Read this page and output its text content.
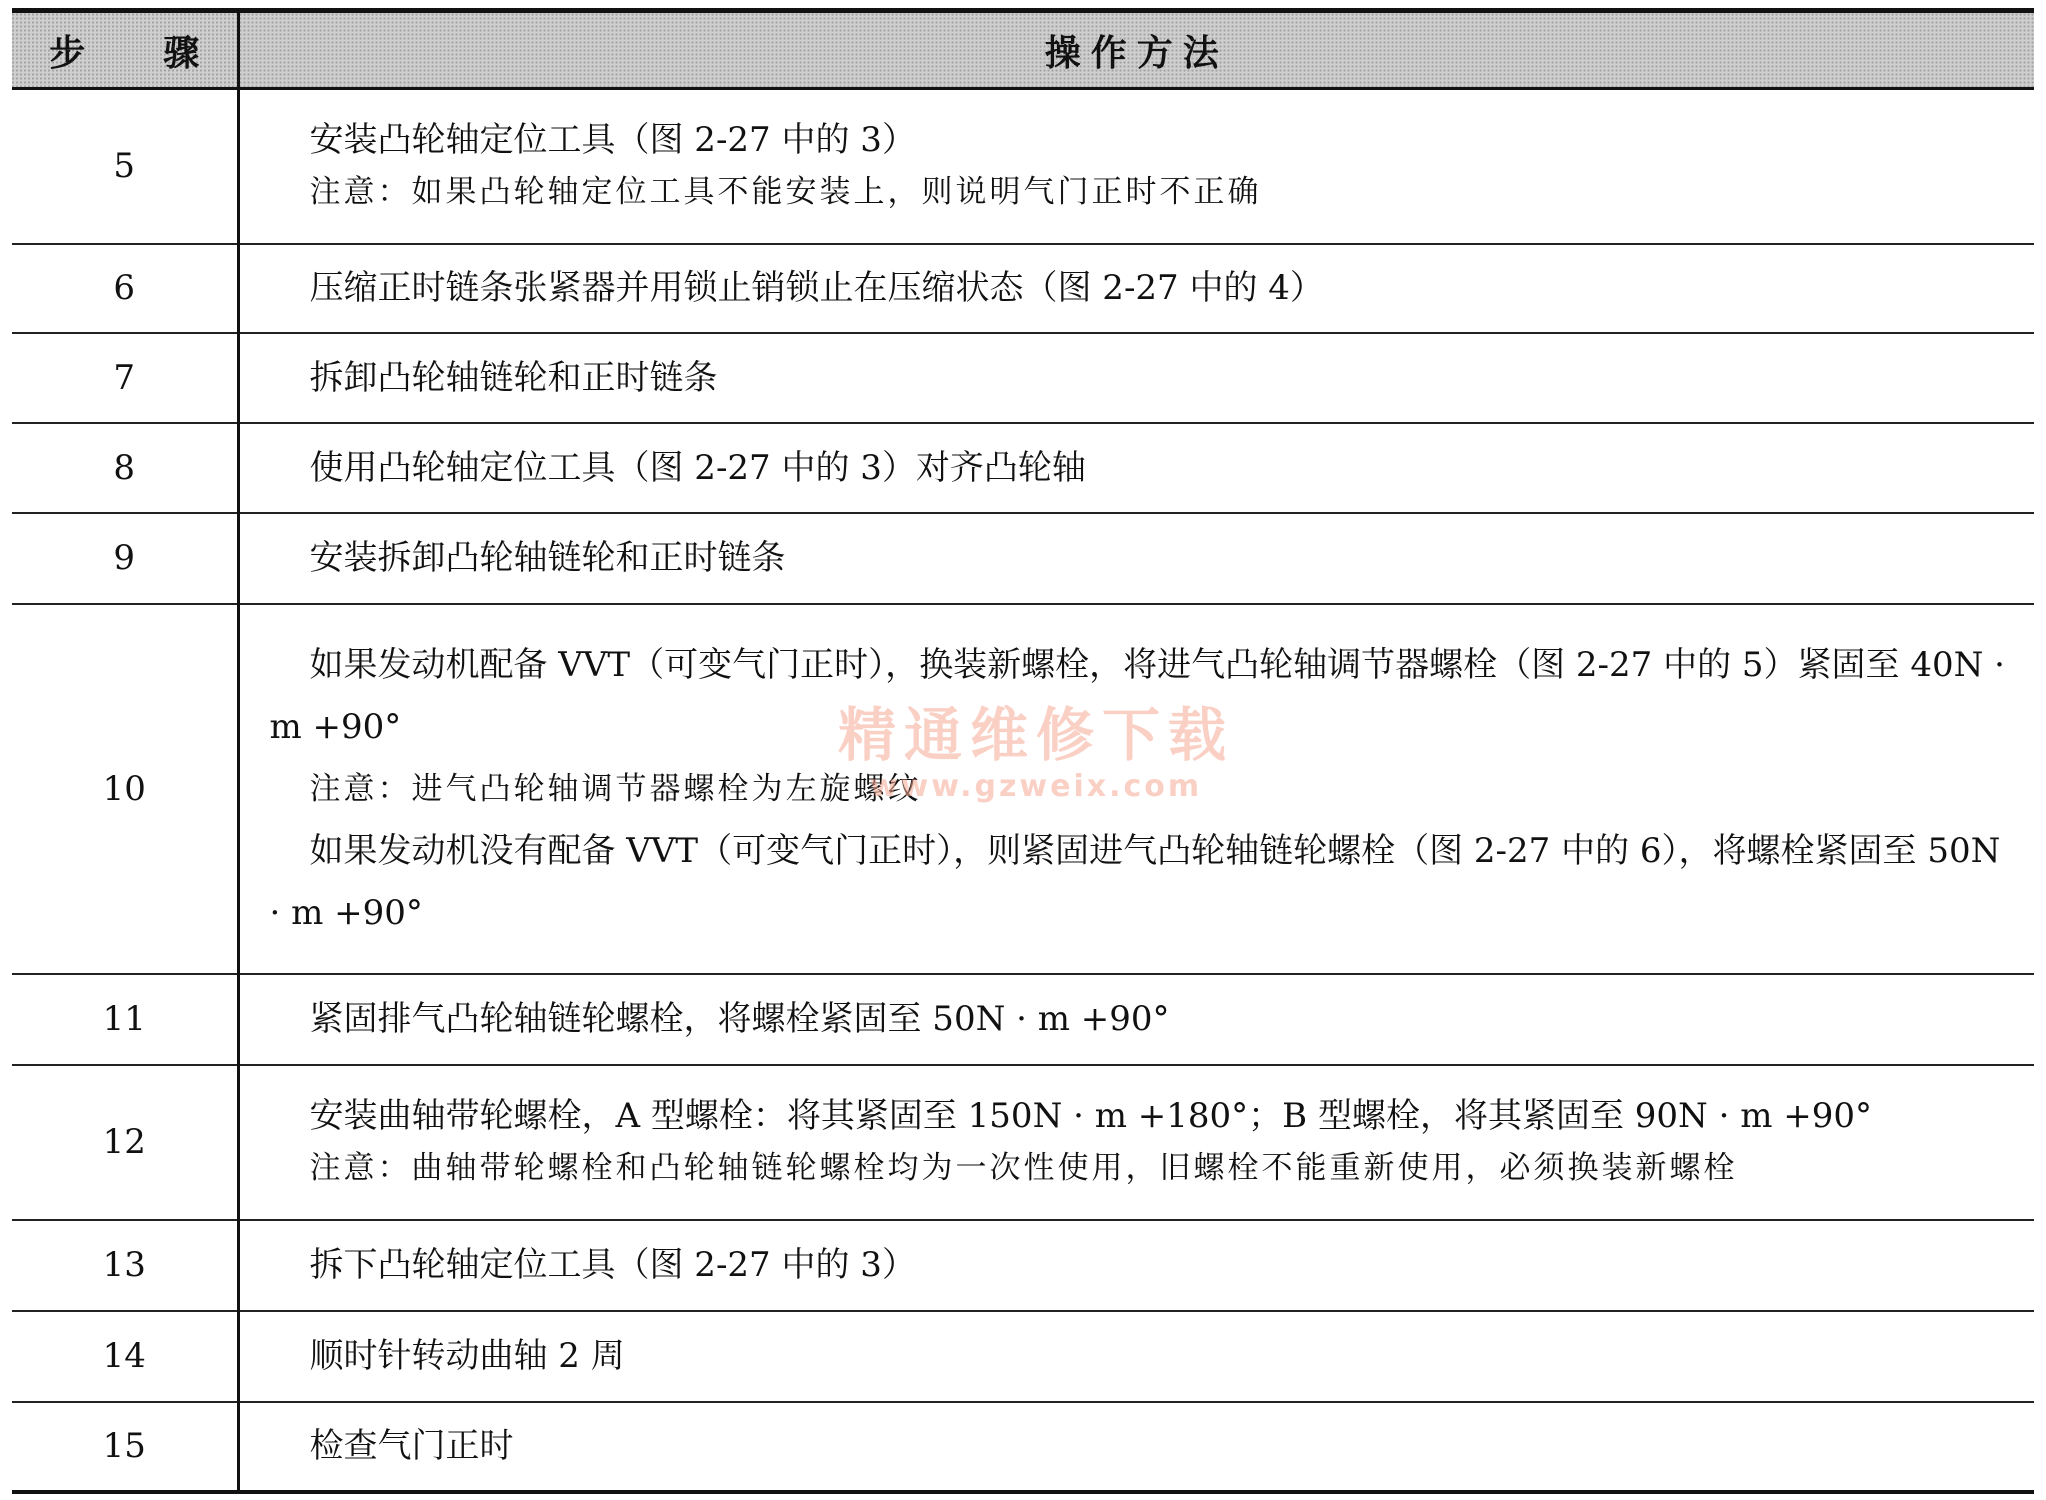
步 骤	操作方法
5	安装凸轮轴定位工具（图 2-27 中的 3）
注意：如果凸轮轴定位工具不能安装上，则说明气门正时不正确

6	压缩正时链条张紧器并用锁止销锁止在压缩状态（图 2-27 中的 4）

7	拆卸凸轮轴链轮和正时链条

8	使用凸轮轴定位工具（图 2-27 中的 3）对齐凸轮轴

9	安装拆卸凸轮轴链轮和正时链条

10	如果发动机配备 VVT（可变气门正时），换装新螺栓，将进气凸轮轴调节器螺栓（图 2-27 中的 5）紧固至 40N · m +90°
注意：进气凸轮轴调节器螺栓为左旋螺纹
如果发动机没有配备 VVT（可变气门正时），则紧固进气凸轮轴链轮螺栓（图 2-27 中的 6），将螺栓紧固至 50N · m +90°

11	紧固排气凸轮轴链轮螺栓，将螺栓紧固至 50N · m +90°

12	安装曲轴带轮螺栓，A 型螺栓：将其紧固至 150N · m +180°；B 型螺栓，将其紧固至 90N · m +90°
注意：曲轴带轮螺栓和凸轮轴链轮螺栓均为一次性使用，旧螺栓不能重新使用，必须换装新螺栓

13	拆下凸轮轴定位工具（图 2-27 中的 3）

14	顺时针转动曲轴 2 周

15	检查气门正时
精通维修下载
www.gzweix.com
